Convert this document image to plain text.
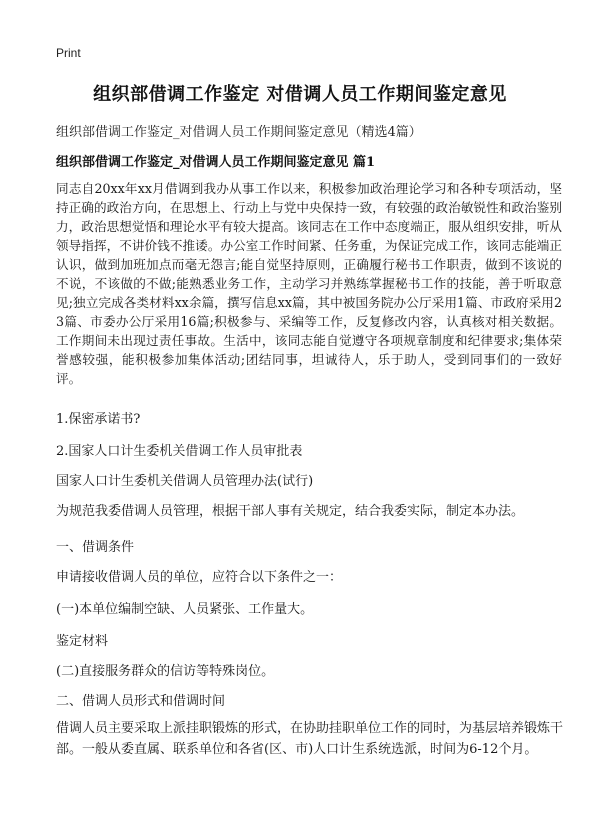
Print
组织部借调工作鉴定 对借调人员工作期间鉴定意见
组织部借调工作鉴定_对借调人员工作期间鉴定意见（精选4篇）
组织部借调工作鉴定_对借调人员工作期间鉴定意见 篇1
同志自20xx年xx月借调到我办从事工作以来，积极参加政治理论学习和各种专项活动，坚持正确的政治方向，在思想上、行动上与党中央保持一致，有较强的政治敏锐性和政治鉴别力，政治思想觉悟和理论水平有较大提高。该同志在工作中态度端正，服从组织安排，听从领导指挥，不讲价钱不推诿。办公室工作时间紧、任务重，为保证完成工作，该同志能端正认识，做到加班加点而毫无怨言;能自觉坚持原则，正确履行秘书工作职责，做到不该说的不说，不该做的不做;能熟悉业务工作，主动学习并熟练掌握秘书工作的技能，善于听取意见;独立完成各类材料xx余篇，撰写信息xx篇，其中被国务院办公厅采用1篇、市政府采用23篇、市委办公厅采用16篇;积极参与、采编等工作，反复修改内容，认真核对相关数据。工作期间未出现过责任事故。生活中，该同志能自觉遵守各项规章制度和纪律要求;集体荣誉感较强，能积极参加集体活动;团结同事，坦诚待人，乐于助人，受到同事们的一致好评。
1.保密承诺书?
2.国家人口计生委机关借调工作人员审批表
国家人口计生委机关借调人员管理办法(试行)
为规范我委借调人员管理，根据干部人事有关规定，结合我委实际，制定本办法。
一、借调条件
申请接收借调人员的单位，应符合以下条件之一：
(一)本单位编制空缺、人员紧张、工作量大。
鉴定材料
(二)直接服务群众的信访等特殊岗位。
二、借调人员形式和借调时间
借调人员主要采取上派挂职锻炼的形式，在协助挂职单位工作的同时，为基层培养锻炼干部。一般从委直属、联系单位和各省(区、市)人口计生系统选派，时间为6-12个月。
